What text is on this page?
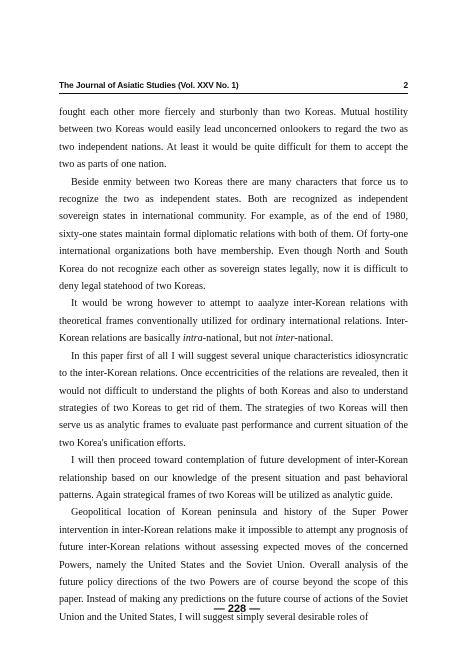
The Journal of Asiatic Studies (Vol. XXV No. 1)	2

fought each other more fiercely and sturbonly than two Koreas. Mutual hostility between two Koreas would easily lead unconcerned onlookers to regard the two as two independent nations. At least it would be quite difficult for them to accept the two as parts of one nation.

Beside enmity between two Koreas there are many characters that force us to recognize the two as independent states. Both are recognized as independent sovereign states in international community. For example, as of the end of 1980, sixty-one states maintain formal diplomatic relations with both of them. Of forty-one international organizations both have membership. Even though North and South Korea do not recognize each other as sovereign states legally, now it is difficult to deny legal statehood of two Koreas.

It would be wrong however to attempt to aaalyze inter-Korean relations with theoretical frames conventionally utilized for ordinary international relations. Inter-Korean relations are basically intra-national, but not inter-national.

In this paper first of all I will suggest several unique characteristics idiosyncratic to the inter-Korean relations. Once eccentricities of the relations are revealed, then it would not difficult to understand the plights of both Koreas and also to understand strategies of two Koreas to get rid of them. The strategies of two Koreas will then serve us as analytic frames to evaluate past performance and current situation of the two Korea's unification efforts.

I will then proceed toward contemplation of future development of inter-Korean relationship based on our knowledge of the present situation and past behavioral patterns. Again strategical frames of two Koreas will be utilized as analytic guide.

Geopolitical location of Korean peninsula and history of the Super Power intervention in inter-Korean relations make it impossible to attempt any prognosis of future inter-Korean relations without assessing expected moves of the concerned Powers, namely the United States and the Soviet Union. Overall analysis of the future policy directions of the two Powers are of course beyond the scope of this paper. Instead of making any predictions on the future course of actions of the Soviet Union and the United States, I will suggest simply several desirable roles of

— 228 —
